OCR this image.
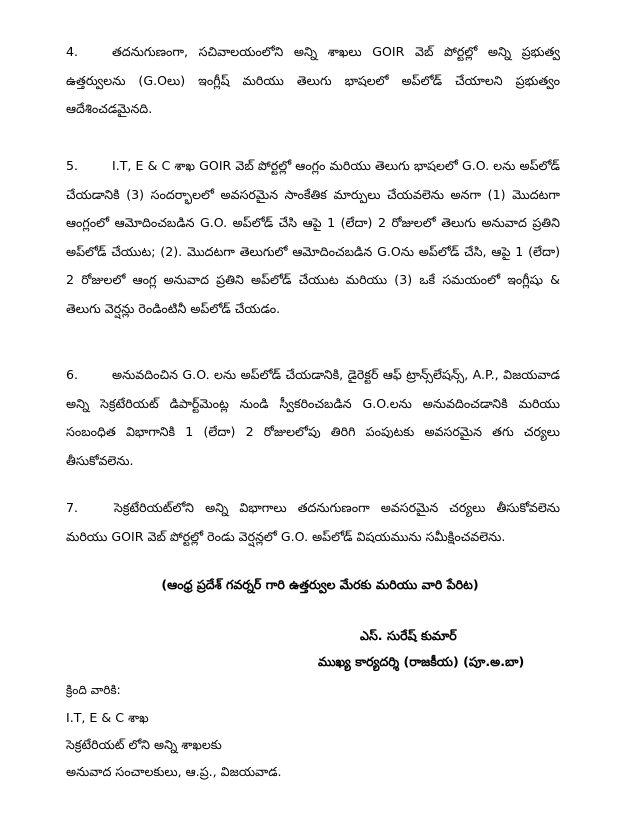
4.	తదనుగుణంగా, సచివాలయంలోని అన్ని శాఖలు GOIR వెబ్ పోర్టల్లో అన్ని ప్రభుత్వ ఉత్తర్వులను (G.Oలు) ఇంగ్లీష్ మరియు తెలుగు భాషలలో అప్‌లోడ్ చేయాలని ప్రభుత్వం ఆదేశించడమైనది.

5.	I.T, E & C శాఖ GOIR వెబ్ పోర్టల్లో ఆంగ్లం మరియు తెలుగు భాషలలో G.O. లను అప్‌లోడ్ చేయడానికి (3) సందర్భాలలో అవసరమైన సాంకేతిక మార్పులు చేయవలెను అనగా (1) మొదటగా ఆంగ్లంలో ఆమోదించబడిన G.O. అప్‌లోడ్ చేసి ఆపై 1 (లేదా) 2 రోజులలో తెలుగు అనువాద ప్రతిని అప్‌లోడ్ చేయుట; (2). మొదటగా తెలుగులో ఆమోదించబడిన G.Oను అప్‌లోడ్ చేసి, ఆపై 1 (లేదా) 2 రోజులలో ఆంగ్ల అనువాద ప్రతిని అప్‌లోడ్ చేయుట మరియు (3) ఒకే సమయంలో ఇంగ్లీషు & తెలుగు వెర్షన్లు రెండింటినీ అప్‌లోడ్ చేయడం.

6.	అనువదించిన G.O. లను అప్‌లోడ్ చేయడానికి, డైరెక్టర్ ఆఫ్ ట్రాన్స్‌లేషన్స్, A.P., విజయవాడ అన్ని సెక్రటేరియట్ డిపార్ట్‌మెంట్ల నుండి స్వీకరించబడిన G.O.లను అనువదించడానికి మరియు సంబంధిత విభాగానికి 1 (లేదా) 2 రోజులలోపు తిరిగి పంపుటకు అవసరమైన తగు చర్యలు తీసుకోవలెను.

7.	సెక్రటేరియట్‌లోని అన్ని విభాగాలు తదనుగుణంగా అవసరమైన చర్యలు తీసుకోవలెను మరియు GOIR వెబ్ పోర్టల్లో రెండు వెర్షన్లలో G.O. అప్‌లోడ్ విషయమును సమీక్షించవలెను.

(ఆంధ్ర ప్రదేశ్ గవర్నర్ గారి ఉత్తర్వుల మేరకు మరియు వారి పేరిట)
ఎస్. సురేష్ కుమార్
ముఖ్య కార్యదర్శి (రాజకీయ) (పూ.అ.బా)
క్రింది వారికి:
I.T, E & C శాఖ
సెక్రటేరియట్ లోని అన్ని శాఖలకు
అనువాద సంచాలకులు, ఆ.ప్ర., విజయవాడ.
